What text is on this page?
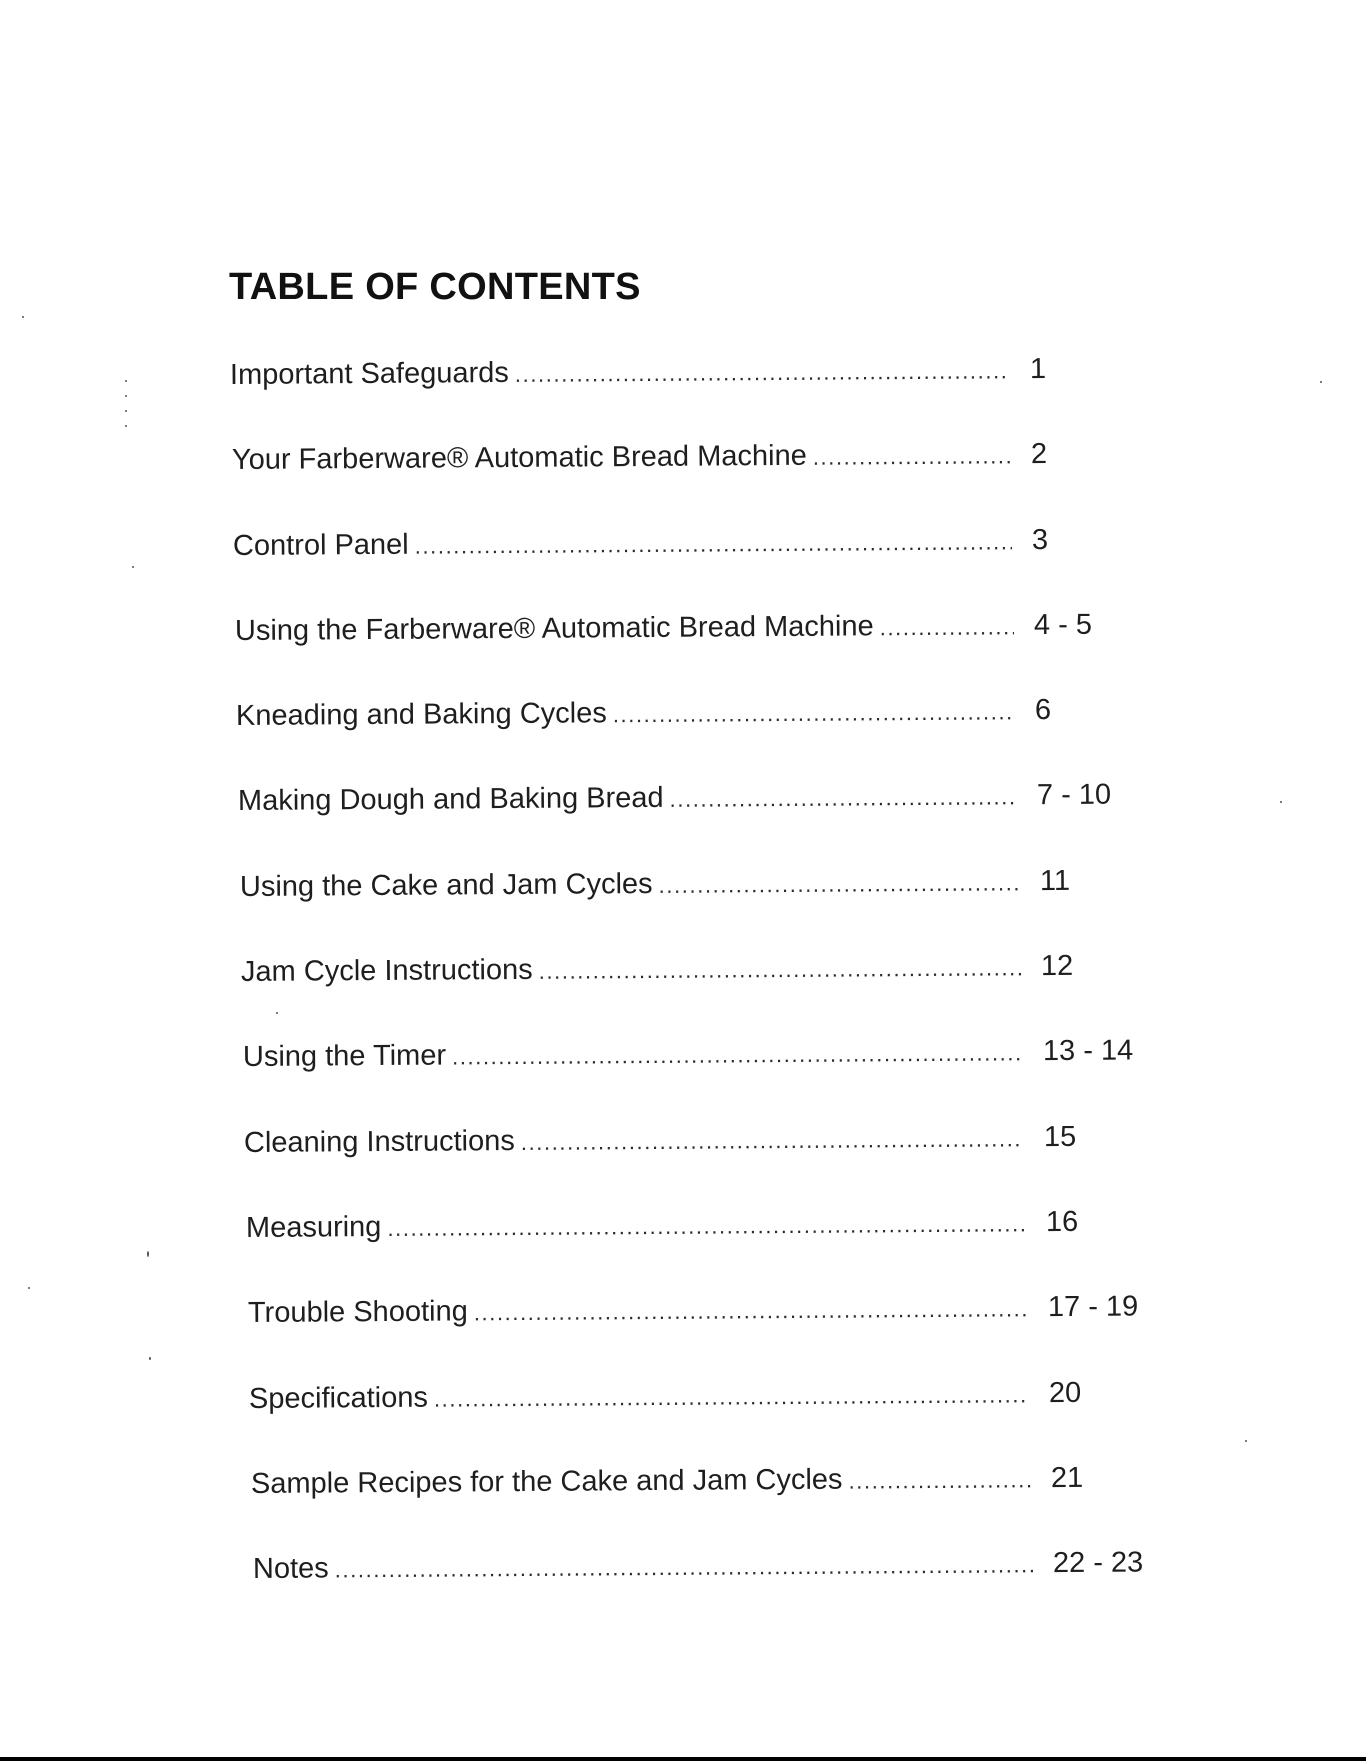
TABLE OF CONTENTS
Important Safeguards .....	1
Your Farberware® Automatic Bread Machine .....	2
Control Panel .....	3
Using the Farberware® Automatic Bread Machine .....	4 - 5
Kneading and Baking Cycles .....	6
Making Dough and Baking Bread .....	7 - 10
Using the Cake and Jam Cycles .....	11
Jam Cycle Instructions .....	12
Using the Timer .....	13 - 14
Cleaning Instructions .....	15
Measuring .....	16
Trouble Shooting .....	17 - 19
Specifications .....	20
Sample Recipes for the Cake and Jam Cycles .....	21
Notes .....	22 - 23
